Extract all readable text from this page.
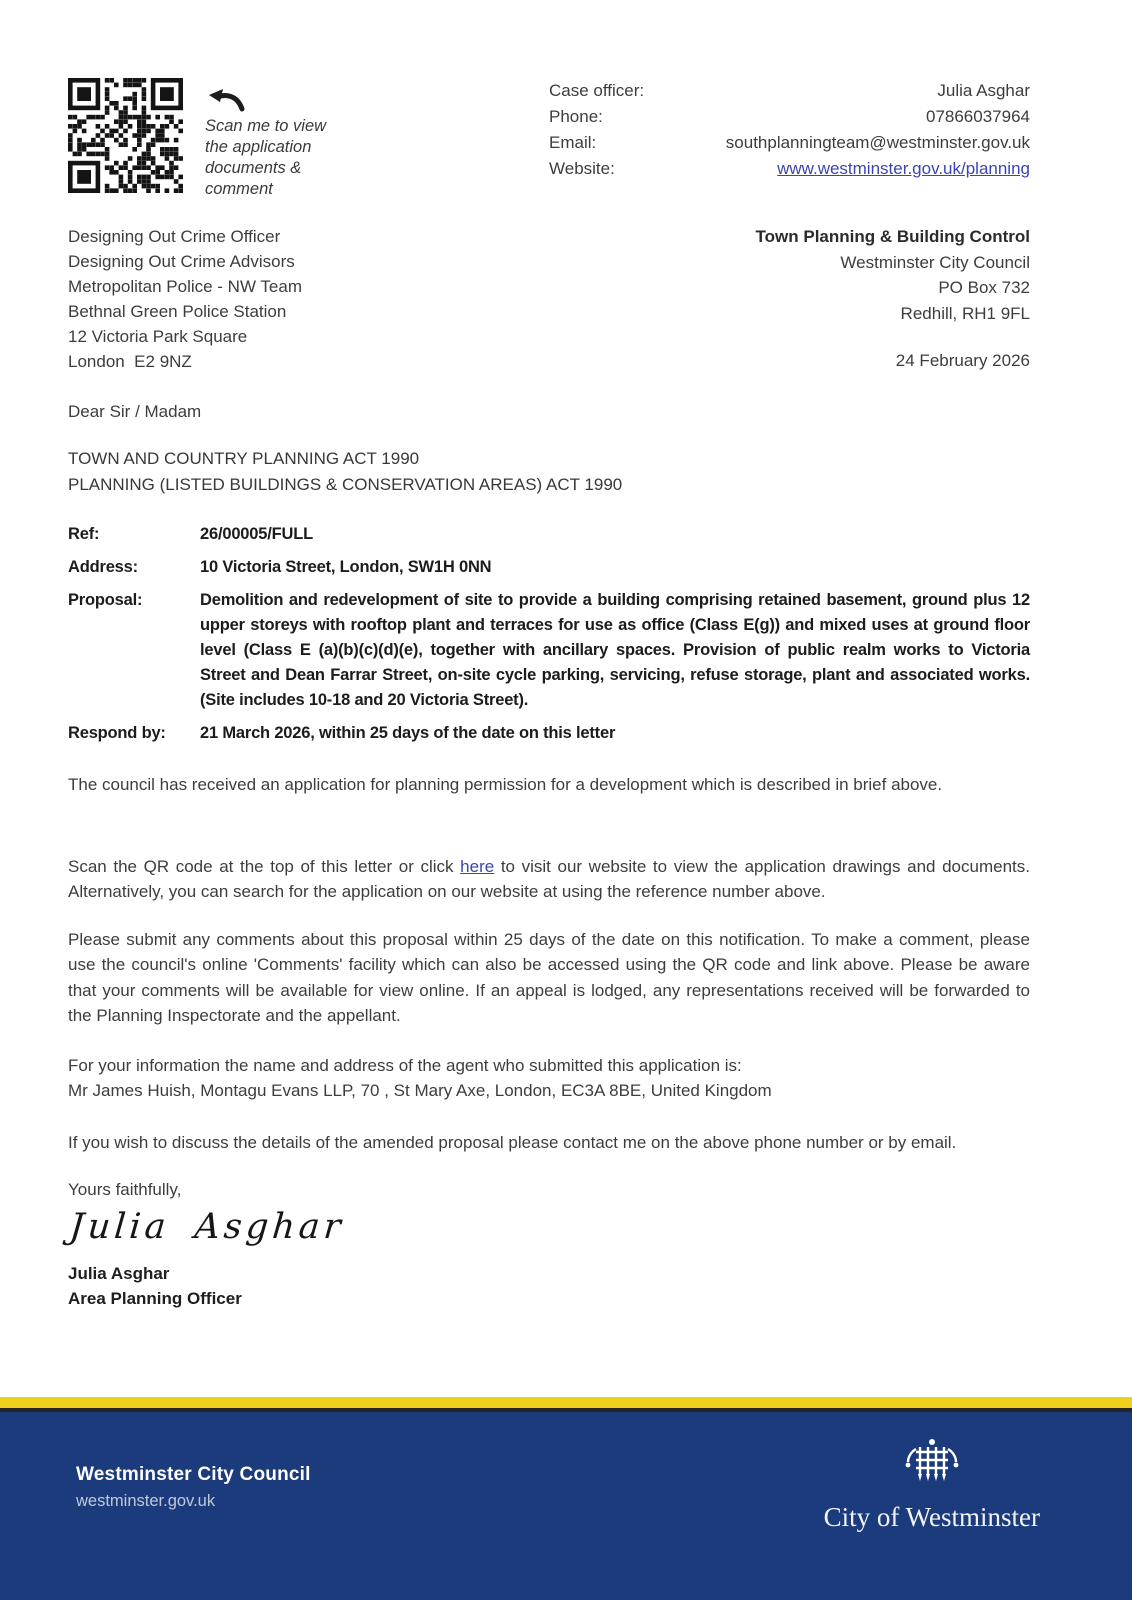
Scan me to view
the application
documents &
comment
Case officer:	Julia Asghar
Phone:	07866037964
Email:	southplanningteam@westminster.gov.uk
Website:	www.westminster.gov.uk/planning
Designing Out Crime Officer
Designing Out Crime Advisors
Metropolitan Police - NW Team
Bethnal Green Police Station
12 Victoria Park Square
London  E2 9NZ
Town Planning & Building Control
Westminster City Council
PO Box 732
Redhill, RH1 9FL
24 February 2026
Dear Sir / Madam
TOWN AND COUNTRY PLANNING ACT 1990
PLANNING (LISTED BUILDINGS & CONSERVATION AREAS) ACT 1990
Ref:	26/00005/FULL
Address:	10 Victoria Street, London, SW1H 0NN
Proposal:	Demolition and redevelopment of site to provide a building comprising retained basement, ground plus 12 upper storeys with rooftop plant and terraces for use as office (Class E(g)) and mixed uses at ground floor level (Class E (a)(b)(c)(d)(e), together with ancillary spaces. Provision of public realm works to Victoria Street and Dean Farrar Street, on-site cycle parking, servicing, refuse storage, plant and associated works. (Site includes 10-18 and 20 Victoria Street).
Respond by:	21 March 2026, within 25 days of the date on this letter

The council has received an application for planning permission for a development which is described in brief above.

Scan the QR code at the top of this letter or click here to visit our website to view the application drawings and documents. Alternatively, you can search for the application on our website at using the reference number above.

Please submit any comments about this proposal within 25 days of the date on this notification. To make a comment, please use the council's online 'Comments' facility which can also be accessed using the QR code and link above. Please be aware that your comments will be available for view online. If an appeal is lodged, any representations received will be forwarded to the Planning Inspectorate and the appellant.

For your information the name and address of the agent who submitted this application is:
Mr James Huish, Montagu Evans LLP, 70 , St Mary Axe, London, EC3A 8BE, United Kingdom

If you wish to discuss the details of the amended proposal please contact me on the above phone number or by email.

Yours faithfully,

Julia Asghar
Julia Asghar
Area Planning Officer
Westminster City Council
westminster.gov.uk
City of Westminster
